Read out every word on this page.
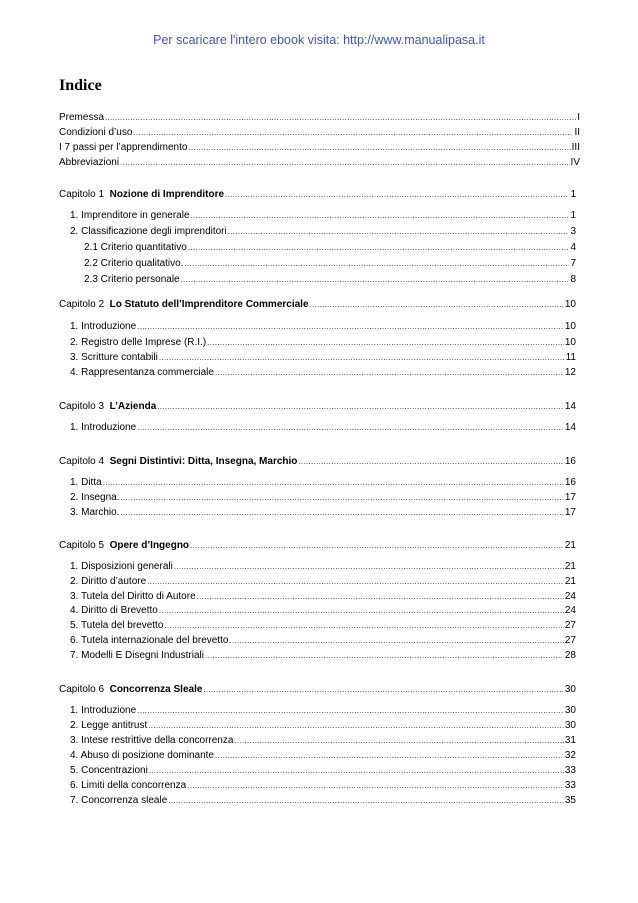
Per scaricare l'intero ebook visita: http://www.manualipasa.it
Indice
Premessa .....	I
Condizioni d’uso .....	II
I 7 passi per l’apprendimento .....	III
Abbreviazioni .....	IV
Capitolo 1 Nozione di Imprenditore .....	1
1. Imprenditore in generale .....	1
2. Classificazione degli imprenditori .....	3
2.1 Criterio quantitativo .....	4
2.2 Criterio qualitativo. .....	7
2.3 Criterio personale .....	8
Capitolo 2 Lo Statuto dell’Imprenditore Commerciale .....	10
1. Introduzione .....	10
2. Registro delle Imprese (R.I.) .....	10
3. Scritture contabili .....	11
4. Rappresentanza commerciale .....	12
Capitolo 3 L’Azienda .....	14
1. Introduzione .....	14
Capitolo 4 Segni Distintivi: Ditta, Insegna, Marchio .....	16
1. Ditta .....	16
2. Insegna. .....	17
3. Marchio. .....	17
Capitolo 5 Opere d’Ingegno .....	21
1. Disposizioni generali .....	21
2. Diritto d’autore .....	21
3. Tutela del Diritto di Autore .....	24
4. Diritto di Brevetto .....	24
5. Tutela del brevetto .....	27
6. Tutela internazionale del brevetto .....	27
7. Modelli E Disegni Industriali .....	28
Capitolo 6 Concorrenza Sleale .....	30
1. Introduzione .....	30
2. Legge antitrust .....	30
3. Intese restrittive della concorrenza .....	31
4. Abuso di posizione dominante .....	32
5. Concentrazioni .....	33
6. Limiti della concorrenza .....	33
7. Concorrenza sleale .....	35
